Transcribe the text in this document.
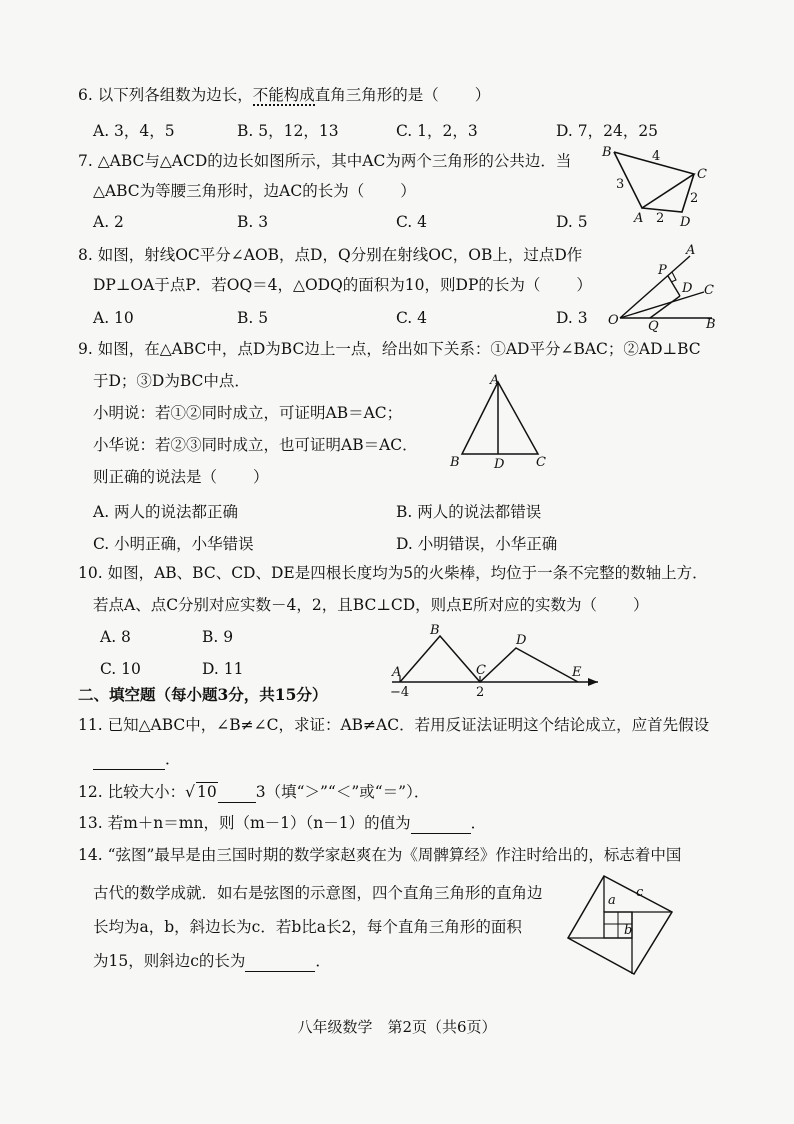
6. 以下列各组数为边长，不能构成直角三角形的是（ ）
A. 3，4，5	B. 5，12，13	C. 1，2，3	D. 7，24，25
7. △ABC与△ACD的边长如图所示，其中AC为两个三角形的公共边．当
△ABC为等腰三角形时，边AC的长为（ ）
A. 2	B. 3	C. 4	D. 5
B
C
A	D
4
3
2
2
8. 如图，射线OC平分∠AOB，点D，Q分别在射线OC，OB上，过点D作
DP⊥OA于点P．若OQ＝4，△ODQ的面积为10，则DP的长为（ ）
A. 10	B. 5	C. 4	D. 3
A
P
D C
O Q	B
9. 如图，在△ABC中，点D为BC边上一点，给出如下关系：①AD平分∠BAC；②AD⊥BC
于D；③D为BC中点．
小明说：若①②同时成立，可证明AB＝AC；
小华说：若②③同时成立，也可证明AB＝AC．
则正确的说法是（ ）
A. 两人的说法都正确	B. 两人的说法都错误
C. 小明正确，小华错误	D. 小明错误，小华正确
A
B	D C
10. 如图，AB、BC、CD、DE是四根长度均为5的火柴棒，均位于一条不完整的数轴上方．
若点A、点C分别对应实数－4，2，且BC⊥CD，则点E所对应的实数为（ ）
A. 8	B. 9
C. 10	D. 11	A
B
C
D
E
−4	2
二、填空题（每小题3分，共15分）
11. 已知△ABC中，∠B≠∠C，求证：AB≠AC．若用反证法证明这个结论成立，应首先假设
．
12. 比较大小：√ 10	3（填“＞”“＜”或“＝”）．
13. 若m＋n＝mn，则（m－1）（n－1）的值为	．
14. “弦图”最早是由三国时期的数学家赵爽在为《周髀算经》作注时给出的，标志着中国
古代的数学成就．如右是弦图的示意图，四个直角三角形的直角边
长均为a，b，斜边长为c．若b比a长2，每个直角三角形的面积
为15，则斜边c的长为	．
a
b
c
八年级数学　第2页（共6页）
